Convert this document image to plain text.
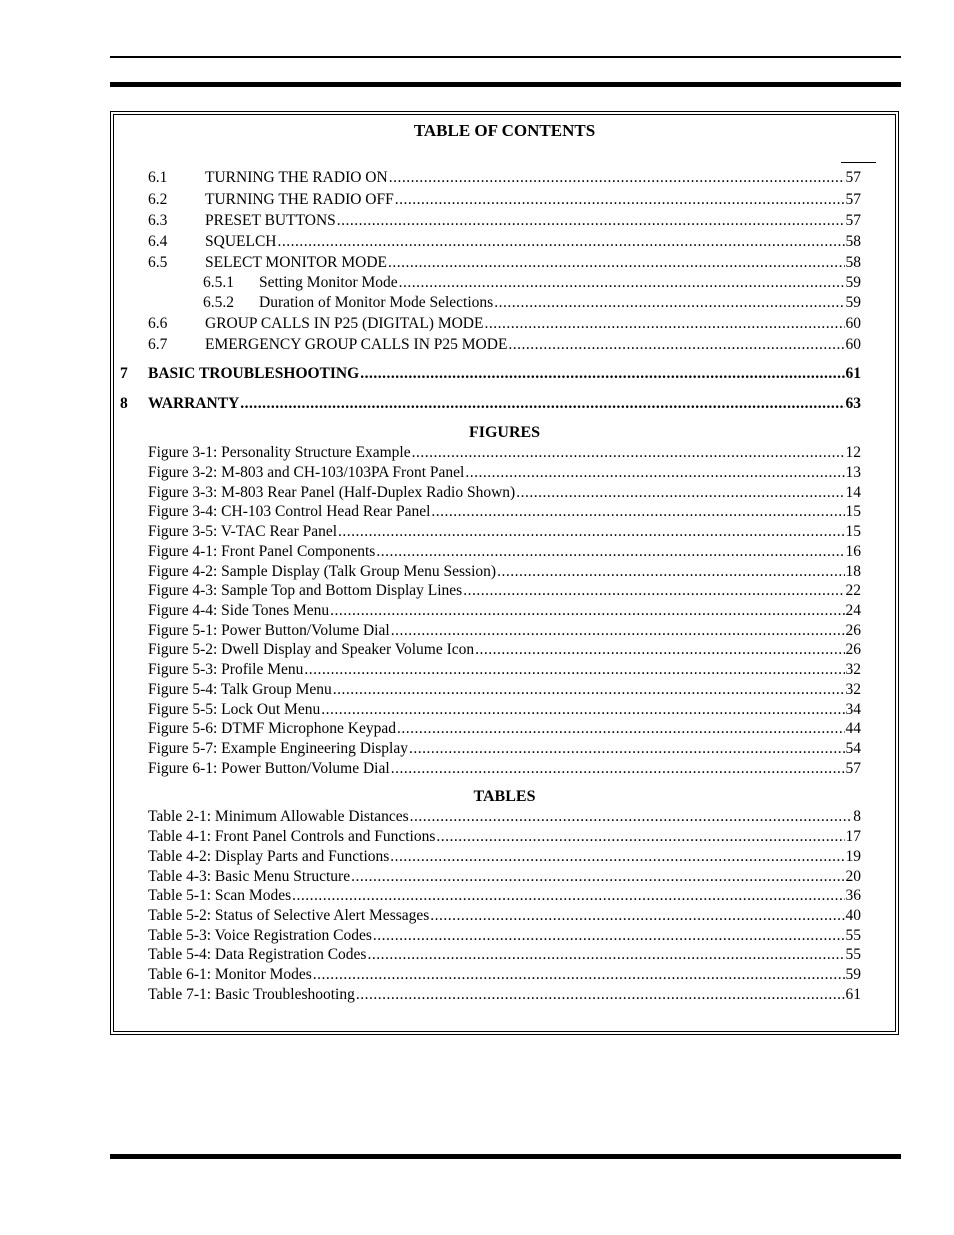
TABLE OF CONTENTS
6.1	TURNING THE RADIO ON .....	57
6.2	TURNING THE RADIO OFF .....	57
6.3	PRESET BUTTONS .....	57
6.4	SQUELCH .....	58
6.5	SELECT MONITOR MODE .....	58
6.5.1	Setting Monitor Mode .....	59
6.5.2	Duration of Monitor Mode Selections .....	59
6.6	GROUP CALLS IN P25 (DIGITAL) MODE .....	60
6.7	EMERGENCY GROUP CALLS IN P25 MODE .....	60
7	BASIC TROUBLESHOOTING .....	61
8	WARRANTY .....	63
FIGURES
Figure 3-1: Personality Structure Example .....	12
Figure 3-2: M-803 and CH-103/103PA Front Panel .....	13
Figure 3-3: M-803 Rear Panel (Half-Duplex Radio Shown) .....	14
Figure 3-4: CH-103 Control Head Rear Panel .....	15
Figure 3-5: V-TAC Rear Panel .....	15
Figure 4-1: Front Panel Components .....	16
Figure 4-2: Sample Display (Talk Group Menu Session) .....	18
Figure 4-3: Sample Top and Bottom Display Lines .....	22
Figure 4-4: Side Tones Menu .....	24
Figure 5-1: Power Button/Volume Dial .....	26
Figure 5-2: Dwell Display and Speaker Volume Icon .....	26
Figure 5-3: Profile Menu .....	32
Figure 5-4: Talk Group Menu .....	32
Figure 5-5: Lock Out Menu .....	34
Figure 5-6: DTMF Microphone Keypad .....	44
Figure 5-7: Example Engineering Display .....	54
Figure 6-1: Power Button/Volume Dial .....	57
TABLES
Table 2-1: Minimum Allowable Distances .....	8
Table 4-1: Front Panel Controls and Functions .....	17
Table 4-2: Display Parts and Functions .....	19
Table 4-3: Basic Menu Structure .....	20
Table 5-1: Scan Modes .....	36
Table 5-2: Status of Selective Alert Messages .....	40
Table 5-3: Voice Registration Codes .....	55
Table 5-4: Data Registration Codes .....	55
Table 6-1: Monitor Modes .....	59
Table 7-1: Basic Troubleshooting .....	61
